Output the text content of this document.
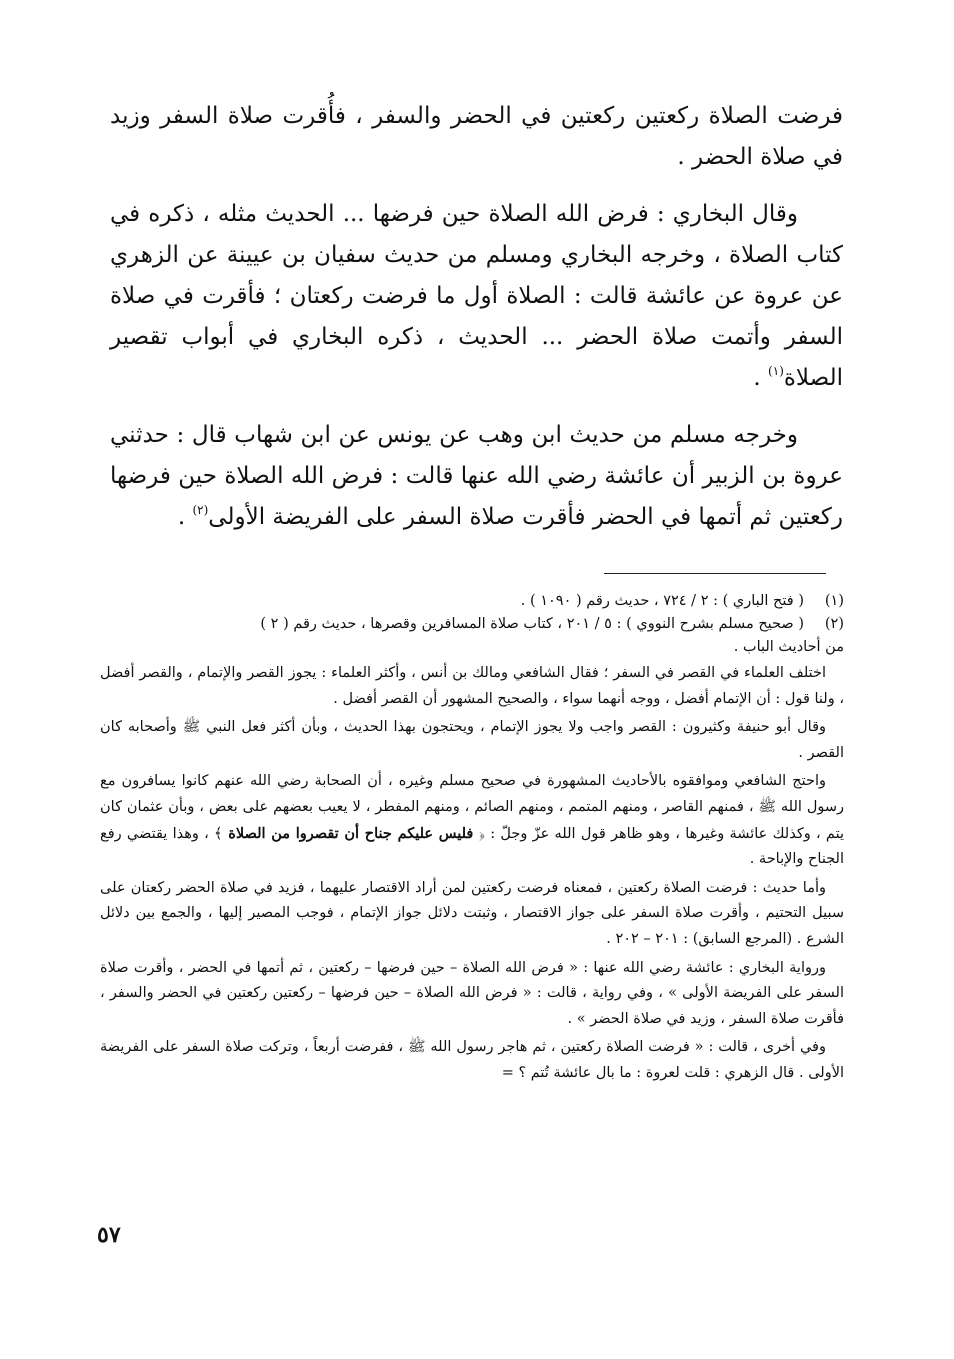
فرضت الصلاة ركعتين ركعتين في الحضر والسفر ، فأُقرت صلاة السفر وزيد في صلاة الحضر .

وقال البخاري : فرض الله الصلاة حين فرضها ... الحديث مثله ، ذكره في كتاب الصلاة ، وخرجه البخاري ومسلم من حديث سفيان بن عيينة عن الزهري عن عروة عن عائشة قالت : الصلاة أول ما فرضت ركعتان ؛ فأقرت في صلاة السفر وأتمت صلاة الحضر ... الحديث ، ذكره البخاري في أبواب تقصير الصلاة$^{(١)}$ .

وخرجه مسلم من حديث ابن وهب عن يونس عن ابن شهاب قال : حدثني عروة بن الزبير أن عائشة رضي الله عنها قالت : فرض الله الصلاة حين فرضها ركعتين ثم أتمها في الحضر فأقرت صلاة السفر على الفريضة الأولى$^{(٢)}$ .

(١)
( فتح الباري ) : ٢ / ٧٢٤ ، حديث رقم ( ١٠٩٠ ) .
(٢)
( صحيح مسلم بشرح النووي ) : ٥ / ٢٠١ ، كتاب صلاة المسافرين وقصرها ، حديث رقم ( ٢ )
من أحاديث الباب .

اختلف العلماء في القصر في السفر ؛ فقال الشافعي ومالك بن أنس ، وأكثر العلماء : يجوز القصر والإتمام ، والقصر أفضل ، ولنا قول : أن الإتمام أفضل ، ووجه أنهما سواء ، والصحيح المشهور أن القصر أفضل .

وقال أبو حنيفة وكثيرون : القصر واجب ولا يجوز الإتمام ، ويحتجون بهذا الحديث ، وبأن أكثر فعل النبي ﷺ وأصحابه كان القصر .

واحتج الشافعي وموافقوه بالأحاديث المشهورة في صحيح مسلم وغيره ، أن الصحابة رضي الله عنهم كانوا يسافرون مع رسول الله ﷺ ، فمنهم القاصر ، ومنهم المتمم ، ومنهم الصائم ، ومنهم المفطر ، لا يعيب بعضهم على بعض ، وبأن عثمان كان يتم ، وكذلك عائشة وغيرها ، وهو ظاهر قول الله عزّ وجلّ : ﴿ فليس عليكم جناح أن تقصروا من الصلاة ﴾ ، وهذا يقتضي رفع الجناح والإباحة .

وأما حديث : فرضت الصلاة ركعتين ، فمعناه فرضت ركعتين لمن أراد الاقتصار عليهما ، فزيد في صلاة الحضر ركعتان على سبيل التحتيم ، وأقرت صلاة السفر على جواز الاقتصار ، وثبتت دلائل جواز الإتمام ، فوجب المصير إليها ، والجمع بين دلائل الشرع . (المرجع السابق) : ٢٠١ – ٢٠٢ .

ورواية البخاري : عائشة رضي الله عنها : « فرض الله الصلاة – حين فرضها – ركعتين ، ثم أتمها في الحضر ، وأقرت صلاة السفر على الفريضة الأولى » ، وفي رواية ، قالت : « فرض الله الصلاة – حين فرضها – ركعتين ركعتين في الحضر والسفر ، فأقرت صلاة السفر ، وزيد في صلاة الحضر » .

وفي أخرى ، قالت : « فرضت الصلاة ركعتين ، ثم هاجر رسول الله ﷺ ، ففرضت أربعاً ، وتركت صلاة السفر على الفريضة الأولى . قال الزهري : قلت لعروة : ما بال عائشة تُتم ؟ =

٥٧
